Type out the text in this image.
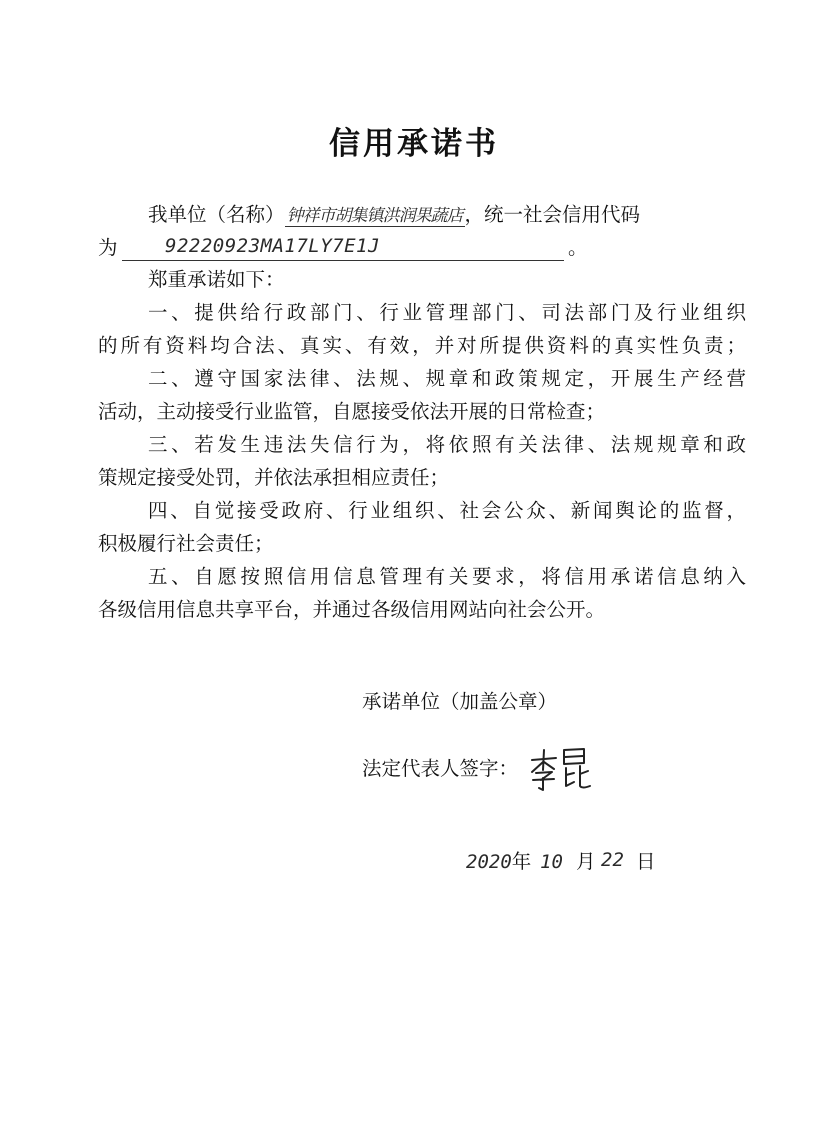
信用承诺书
我单位（名称） 钟祥市胡集镇洪润果蔬店 ，统一社会信用代码
为 92220923MA17LY7E1J	。
郑重承诺如下：
一、提供给行政部门、行业管理部门、司法部门及行业组织
的所有资料均合法、真实、有效，并对所提供资料的真实性负责；
二、遵守国家法律、法规、规章和政策规定，开展生产经营
活动，主动接受行业监管，自愿接受依法开展的日常检查；
三、若发生违法失信行为，将依照有关法律、法规规章和政
策规定接受处罚，并依法承担相应责任；
四、自觉接受政府、行业组织、社会公众、新闻舆论的监督，
积极履行社会责任；
五、自愿按照信用信息管理有关要求，将信用承诺信息纳入
各级信用信息共享平台，并通过各级信用网站向社会公开。
承诺单位（加盖公章）
法定代表人签字：
2020年 10 月 22 日
